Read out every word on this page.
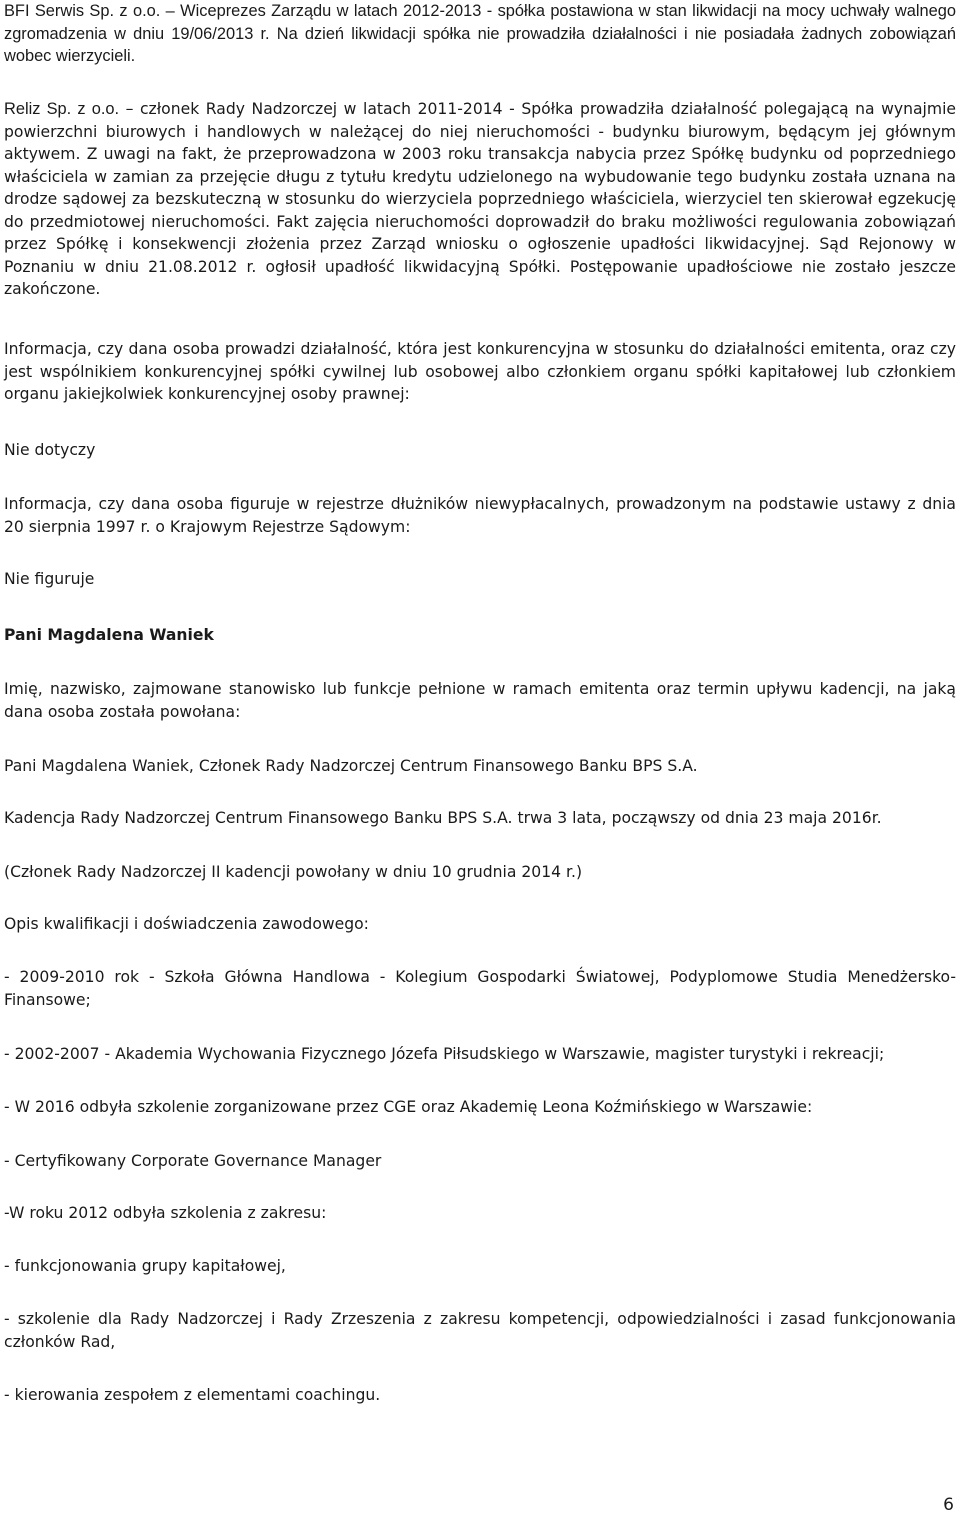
BFI Serwis Sp. z o.o. – Wiceprezes Zarządu w latach 2012-2013 - spółka postawiona w stan likwidacji na mocy uchwały walnego zgromadzenia w dniu 19/06/2013 r. Na dzień likwidacji spółka nie prowadziła działalności i nie posiadała żadnych zobowiązań wobec wierzycieli.

Reliz Sp. z o.o. – członek Rady Nadzorczej w latach 2011-2014 - Spółka prowadziła działalność polegającą na wynajmie powierzchni biurowych i handlowych w należącej do niej nieruchomości - budynku biurowym, będącym jej głównym aktywem. Z uwagi na fakt, że przeprowadzona w 2003 roku transakcja nabycia przez Spółkę budynku od poprzedniego właściciela w zamian za przejęcie długu z tytułu kredytu udzielonego na wybudowanie tego budynku została uznana na drodze sądowej za bezskuteczną w stosunku do wierzyciela poprzedniego właściciela, wierzyciel ten skierował egzekucję do przedmiotowej nieruchomości. Fakt zajęcia nieruchomości doprowadził do braku możliwości regulowania zobowiązań przez Spółkę i konsekwencji złożenia przez Zarząd wniosku o ogłoszenie upadłości likwidacyjnej. Sąd Rejonowy w Poznaniu w dniu 21.08.2012 r. ogłosił upadłość likwidacyjną Spółki. Postępowanie upadłościowe nie zostało jeszcze zakończone.

Informacja, czy dana osoba prowadzi działalność, która jest konkurencyjna w stosunku do działalności emitenta, oraz czy jest wspólnikiem konkurencyjnej spółki cywilnej lub osobowej albo członkiem organu spółki kapitałowej lub członkiem organu jakiejkolwiek konkurencyjnej osoby prawnej:

Nie dotyczy

Informacja, czy dana osoba figuruje w rejestrze dłużników niewypłacalnych, prowadzonym na podstawie ustawy z dnia 20 sierpnia 1997 r. o Krajowym Rejestrze Sądowym:

Nie figuruje

Pani Magdalena Waniek

Imię, nazwisko, zajmowane stanowisko lub funkcje pełnione w ramach emitenta oraz termin upływu kadencji, na jaką dana osoba została powołana:

Pani Magdalena Waniek, Członek Rady Nadzorczej Centrum Finansowego Banku BPS S.A.

Kadencja Rady Nadzorczej Centrum Finansowego Banku BPS S.A. trwa 3 lata, począwszy od dnia 23 maja 2016r.

(Członek Rady Nadzorczej II kadencji powołany w dniu 10 grudnia 2014 r.)

Opis kwalifikacji i doświadczenia zawodowego:

- 2009-2010 rok - Szkoła Główna Handlowa - Kolegium Gospodarki Światowej, Podyplomowe Studia Menedżersko-Finansowe;

- 2002-2007 - Akademia Wychowania Fizycznego Józefa Piłsudskiego w Warszawie, magister turystyki i rekreacji;

- W 2016 odbyła szkolenie zorganizowane przez CGE oraz Akademię Leona Koźmińskiego w Warszawie:

- Certyfikowany Corporate Governance Manager

-W roku 2012 odbyła szkolenia z zakresu:

- funkcjonowania grupy kapitałowej,

- szkolenie dla Rady Nadzorczej i Rady Zrzeszenia z zakresu kompetencji, odpowiedzialności i zasad funkcjonowania członków Rad,

- kierowania zespołem z elementami coachingu.

6
